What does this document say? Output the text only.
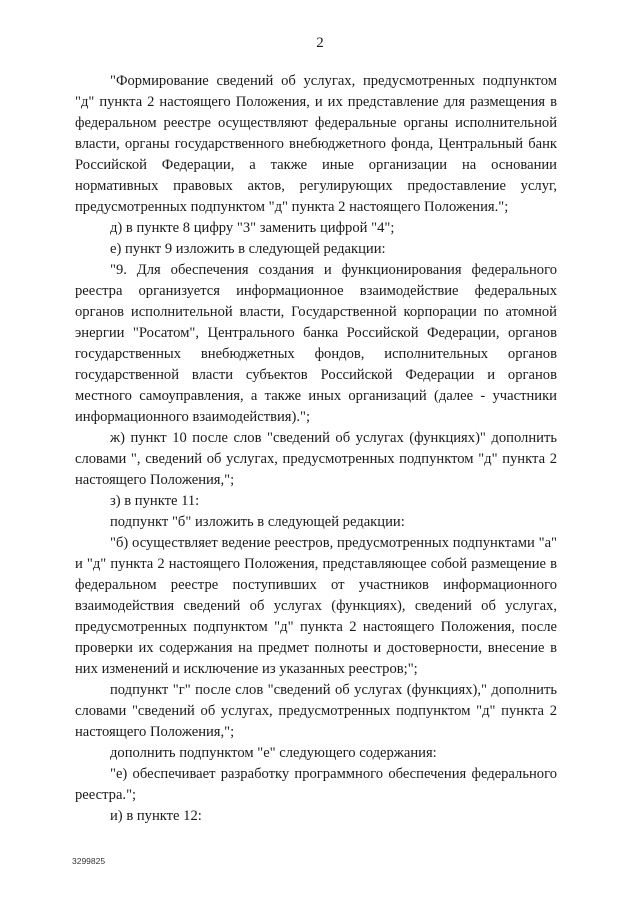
2

"Формирование сведений об услугах, предусмотренных подпунктом "д" пункта 2 настоящего Положения, и их представление для размещения в федеральном реестре осуществляют федеральные органы исполнительной власти, органы государственного внебюджетного фонда, Центральный банк Российской Федерации, а также иные организации на основании нормативных правовых актов, регулирующих предоставление услуг, предусмотренных подпунктом "д" пункта 2 настоящего Положения.";

д) в пункте 8 цифру "3" заменить цифрой "4";

е) пункт 9 изложить в следующей редакции:

"9. Для обеспечения создания и функционирования федерального реестра организуется информационное взаимодействие федеральных органов исполнительной власти, Государственной корпорации по атомной энергии "Росатом", Центрального банка Российской Федерации, органов государственных внебюджетных фондов, исполнительных органов государственной власти субъектов Российской Федерации и органов местного самоуправления, а также иных организаций (далее - участники информационного взаимодействия).";

ж) пункт 10 после слов "сведений об услугах (функциях)" дополнить словами ", сведений об услугах, предусмотренных подпунктом "д" пункта 2 настоящего Положения,";

з) в пункте 11:

подпункт "б" изложить в следующей редакции:

"б) осуществляет ведение реестров, предусмотренных подпунктами "а" и "д" пункта 2 настоящего Положения, представляющее собой размещение в федеральном реестре поступивших от участников информационного взаимодействия сведений об услугах (функциях), сведений об услугах, предусмотренных подпунктом "д" пункта 2 настоящего Положения, после проверки их содержания на предмет полноты и достоверности, внесение в них изменений и исключение из указанных реестров;";

подпункт "г" после слов "сведений об услугах (функциях)," дополнить словами "сведений об услугах, предусмотренных подпунктом "д" пункта 2 настоящего Положения,";

дополнить подпунктом "е" следующего содержания:

"е) обеспечивает разработку программного обеспечения федерального реестра.";

и) в пункте 12:

3299825
